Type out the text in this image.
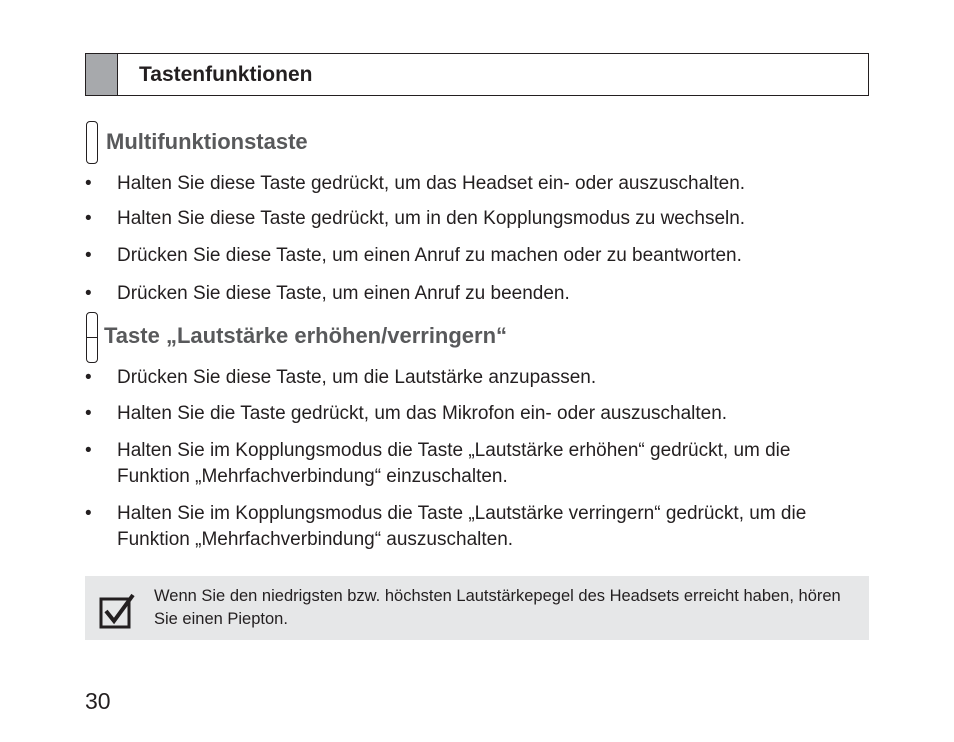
Tastenfunktionen
Multifunktionstaste
• Halten Sie diese Taste gedrückt, um das Headset ein- oder auszuschalten.
• Halten Sie diese Taste gedrückt, um in den Kopplungsmodus zu wechseln.
• Drücken Sie diese Taste, um einen Anruf zu machen oder zu beantworten.
• Drücken Sie diese Taste, um einen Anruf zu beenden.
Taste „Lautstärke erhöhen/verringern“
• Drücken Sie diese Taste, um die Lautstärke anzupassen.
• Halten Sie die Taste gedrückt, um das Mikrofon ein- oder auszuschalten.
• Halten Sie im Kopplungsmodus die Taste „Lautstärke erhöhen“ gedrückt, um die Funktion „Mehrfachverbindung“ einzuschalten.
• Halten Sie im Kopplungsmodus die Taste „Lautstärke verringern“ gedrückt, um die Funktion „Mehrfachverbindung“ auszuschalten.
Wenn Sie den niedrigsten bzw. höchsten Lautstärkepegel des Headsets erreicht haben, hören Sie einen Piepton.
30
